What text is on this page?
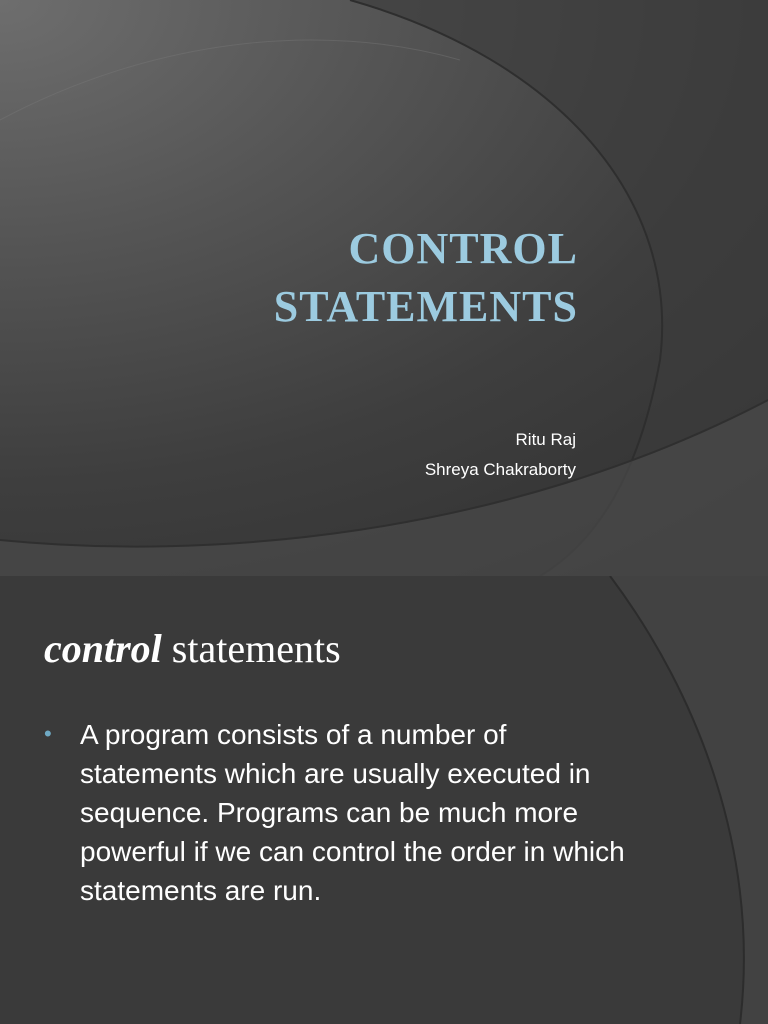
CONTROL
STATEMENTS
Ritu Raj
Shreya Chakraborty
control statements
•	A program consists of a number of statements which are usually executed in sequence. Programs can be much more powerful if we can control the order in which statements are run.
